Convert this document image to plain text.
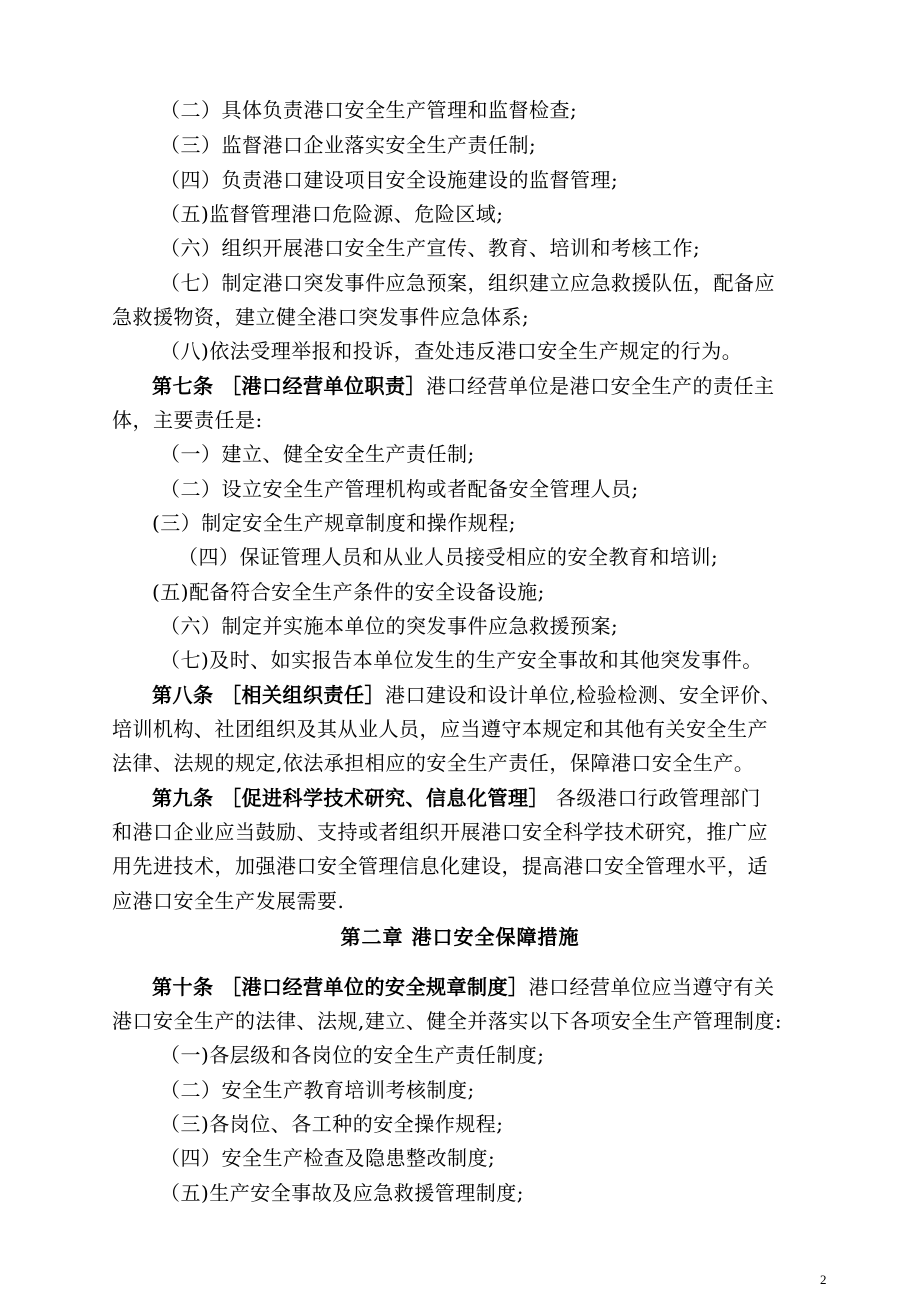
（二）具体负责港口安全生产管理和监督检查;
（三）监督港口企业落实安全生产责任制;
（四）负责港口建设项目安全设施建设的监督管理;
（五)监督管理港口危险源、危险区域;
（六）组织开展港口安全生产宣传、教育、培训和考核工作;
（七）制定港口突发事件应急预案，组织建立应急救援队伍，配备应
急救援物资，建立健全港口突发事件应急体系;
（八)依法受理举报和投诉，查处违反港口安全生产规定的行为。
第七条 ［港口经营单位职责］港口经营单位是港口安全生产的责任主
体，主要责任是:
（一）建立、健全安全生产责任制;
（二）设立安全生产管理机构或者配备安全管理人员;
(三）制定安全生产规章制度和操作规程;
（四）保证管理人员和从业人员接受相应的安全教育和培训;
(五)配备符合安全生产条件的安全设备设施;
（六）制定并实施本单位的突发事件应急救援预案;
（七)及时、如实报告本单位发生的生产安全事故和其他突发事件。
第八条 ［相关组织责任］港口建设和设计单位,检验检测、安全评价、
培训机构、社团组织及其从业人员，应当遵守本规定和其他有关安全生产
法律、法规的规定,依法承担相应的安全生产责任，保障港口安全生产。
第九条 ［促进科学技术研究、信息化管理］ 各级港口行政管理部门
和港口企业应当鼓励、支持或者组织开展港口安全科学技术研究，推广应
用先进技术，加强港口安全管理信息化建设，提高港口安全管理水平，适
应港口安全生产发展需要.
第二章 港口安全保障措施
第十条 ［港口经营单位的安全规章制度］港口经营单位应当遵守有关
港口安全生产的法律、法规,建立、健全并落实以下各项安全生产管理制度:
（一)各层级和各岗位的安全生产责任制度;
（二）安全生产教育培训考核制度;
（三)各岗位、各工种的安全操作规程;
（四）安全生产检查及隐患整改制度;
（五)生产安全事故及应急救援管理制度;
2
